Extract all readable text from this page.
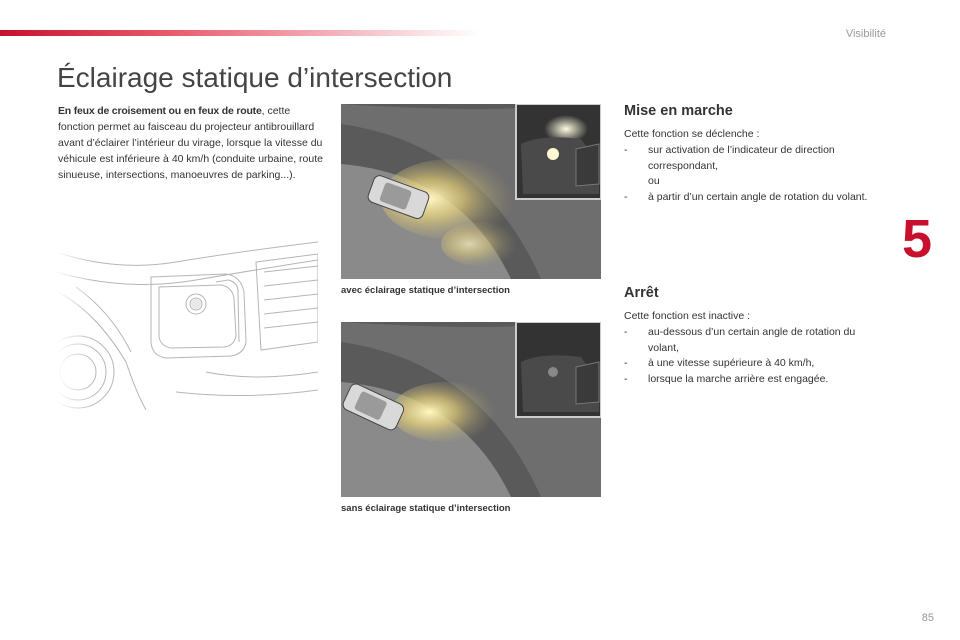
Visibilité
5
Éclairage statique d’intersection

En feux de croisement ou en feux de route, cette fonction permet au faisceau du projecteur antibrouillard avant d’éclairer l’intérieur du virage, lorsque la vitesse du véhicule est inférieure à 40 km/h (conduite urbaine, route sinueuse, intersections, manoeuvres de parking...).

avec éclairage statique d’intersection
sans éclairage statique d’intersection
Mise en marche

Cette fonction se déclenche :

- sur activation de l’indicateur de direction correspondant,
ou
- à partir d’un certain angle de rotation du volant.
Arrêt

Cette fonction est inactive :

- au-dessous d’un certain angle de rotation du volant,
- à une vitesse supérieure à 40 km/h,
- lorsque la marche arrière est engagée.
85
